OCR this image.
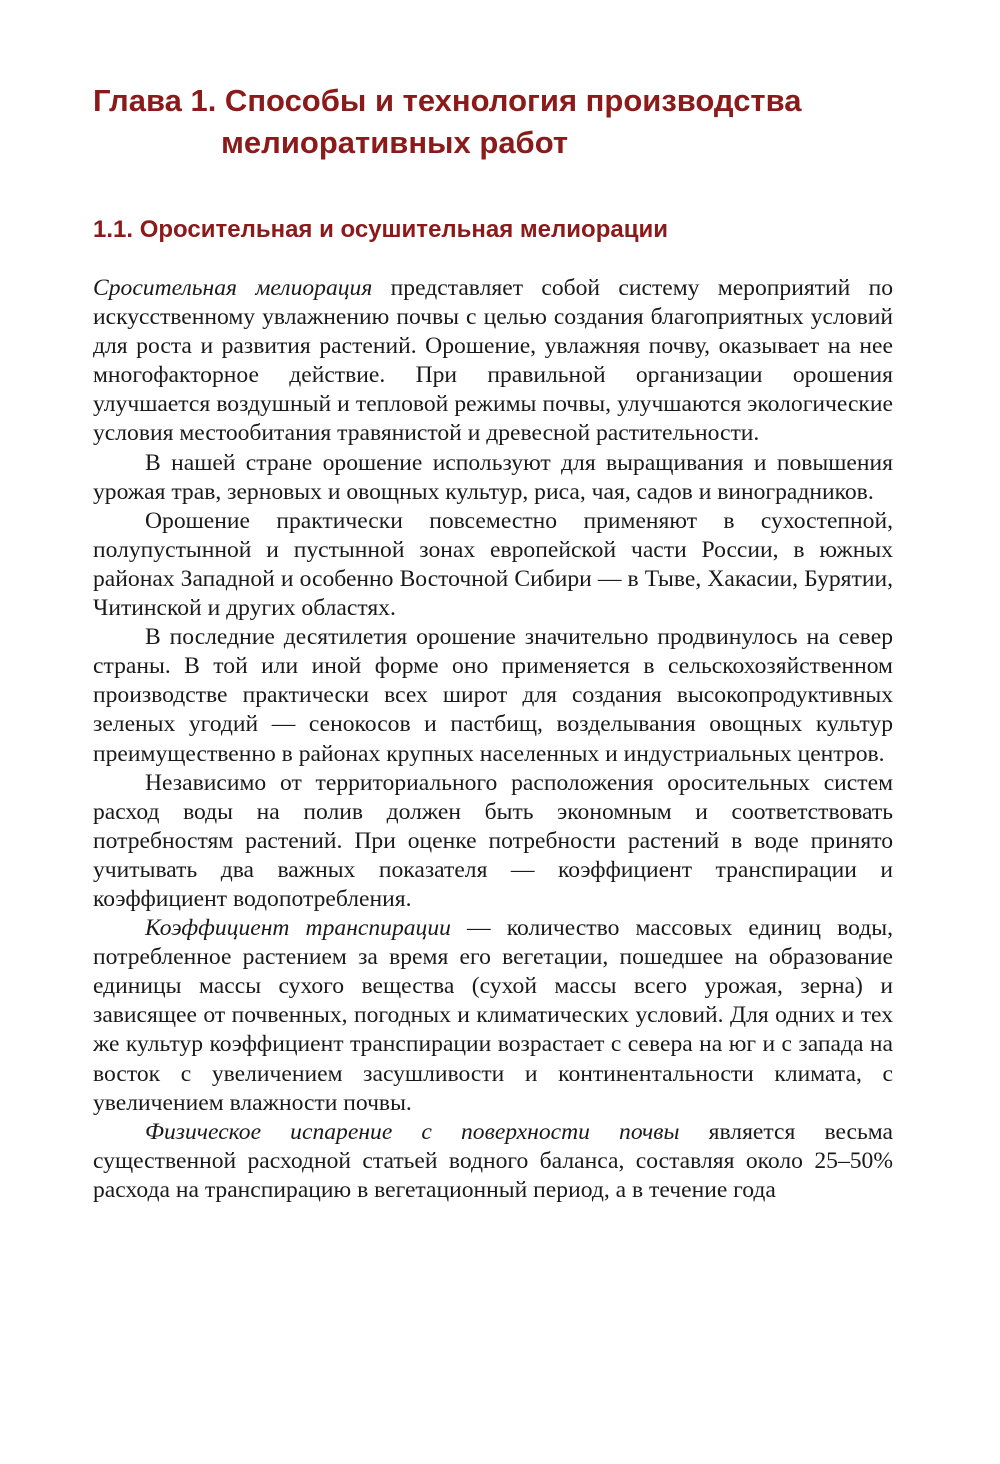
Глава 1. Способы и технология производства
мелиоративных работ
1.1. Оросительная и осушительная мелиорации

Сросительная мелиорация представляет собой систему мероприятий по искусственному увлажнению почвы с целью создания благоприятных условий для роста и развития растений. Орошение, увлажняя почву, оказывает на нее многофакторное действие. При правильной организации орошения улучшается воздушный и тепловой режимы почвы, улучшаются экологические условия местообитания травянистой и древесной растительности.

В нашей стране орошение используют для выращивания и повышения урожая трав, зерновых и овощных культур, риса, чая, садов и виноградников.

Орошение практически повсеместно применяют в сухостепной, полупустынной и пустынной зонах европейской части России, в южных районах Западной и особенно Восточной Сибири — в Тыве, Хакасии, Бурятии, Читинской и других областях.

В последние десятилетия орошение значительно продвинулось на север страны. В той или иной форме оно применяется в сельскохозяйственном производстве практически всех широт для создания высокопродуктивных зеленых угодий — сенокосов и пастбищ, возделывания овощных культур преимущественно в районах крупных населенных и индустриальных центров.

Независимо от территориального расположения оросительных систем расход воды на полив должен быть экономным и соответствовать потребностям растений. При оценке потребности растений в воде принято учитывать два важных показателя — коэффициент транспирации и коэффициент водопотребления.

Коэффициент транспирации — количество массовых единиц воды, потребленное растением за время его вегетации, пошедшее на образование единицы массы сухого вещества (сухой массы всего урожая, зерна) и зависящее от почвенных, погодных и климатических условий. Для одних и тех же культур коэффициент транспирации возрастает с севера на юг и с запада на восток с увеличением засушливости и континентальности климата, с увеличением влажности почвы.

Физическое испарение с поверхности почвы является весьма существенной расходной статьей водного баланса, составляя около 25–50% расхода на транспирацию в вегетационный период, а в течение года
